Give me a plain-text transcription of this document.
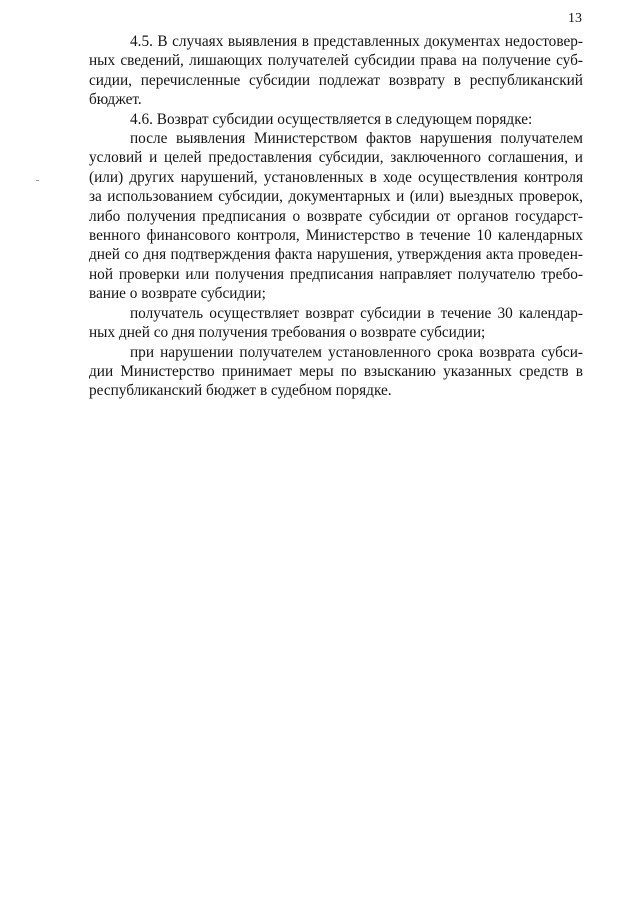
13

4.5. В случаях выявления в представленных документах недостовер-
ных сведений, лишающих получателей субсидии права на получение суб-
сидии, перечисленные субсидии подлежат возврату в республиканский
бюджет.

4.6. Возврат субсидии осуществляется в следующем порядке:

после выявления Министерством фактов нарушения получателем
условий и целей предоставления субсидии, заключенного соглашения, и
(или) других нарушений, установленных в ходе осуществления контроля
за использованием субсидии, документарных и (или) выездных проверок,
либо получения предписания о возврате субсидии от органов государст-
венного финансового контроля, Министерство в течение 10 календарных
дней со дня подтверждения факта нарушения, утверждения акта проведен-
ной проверки или получения предписания направляет получателю требо-
вание о возврате субсидии;

получатель осуществляет возврат субсидии в течение 30 календар-
ных дней со дня получения требования о возврате субсидии;

при нарушении получателем установленного срока возврата субси-
дии Министерство принимает меры по взысканию указанных средств в
республиканский бюджет в судебном порядке.
